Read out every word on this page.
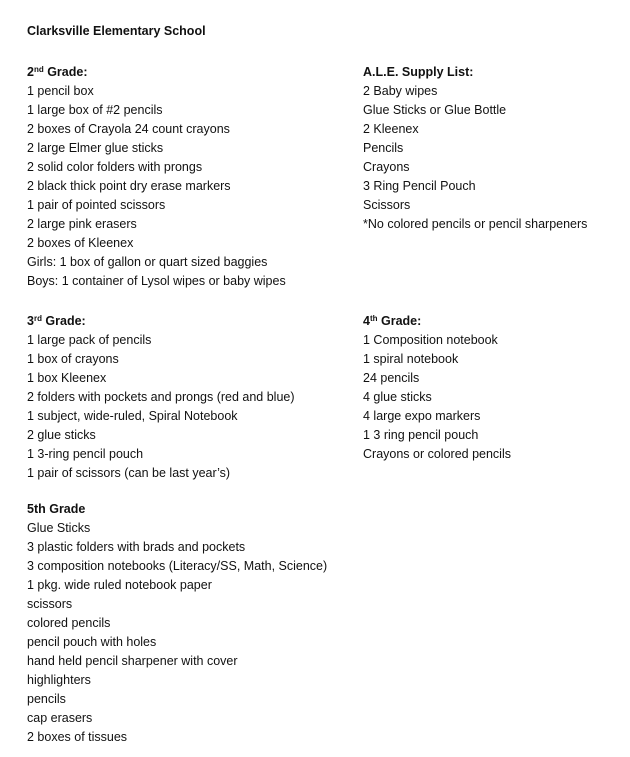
Clarksville Elementary School
2nd Grade:
1 pencil box
1 large box of #2 pencils
2 boxes of Crayola 24 count crayons
2 large Elmer glue sticks
2 solid color folders with prongs
2 black thick point dry erase markers
1 pair of pointed scissors
2 large pink erasers
2 boxes of Kleenex
Girls: 1 box of gallon or quart sized baggies
Boys: 1 container of Lysol wipes or baby wipes
A.L.E. Supply List:
2 Baby wipes
Glue Sticks or Glue Bottle
2 Kleenex
Pencils
Crayons
3 Ring Pencil Pouch
Scissors
*No colored pencils or pencil sharpeners
3rd Grade:
1 large pack of pencils
1 box of crayons
1 box Kleenex
2 folders with pockets and prongs (red and blue)
1 subject, wide-ruled, Spiral Notebook
2 glue sticks
1 3-ring pencil pouch
1 pair of scissors (can be last year’s)
4th Grade:
1 Composition notebook
1 spiral notebook
24 pencils
4 glue sticks
4 large expo markers
1 3 ring pencil pouch
Crayons or colored pencils
5th Grade
Glue Sticks
3 plastic folders with brads and pockets
3 composition notebooks (Literacy/SS, Math, Science)
1 pkg. wide ruled notebook paper
scissors
colored pencils
pencil pouch with holes
hand held pencil sharpener with cover
highlighters
pencils
cap erasers
2 boxes of tissues
